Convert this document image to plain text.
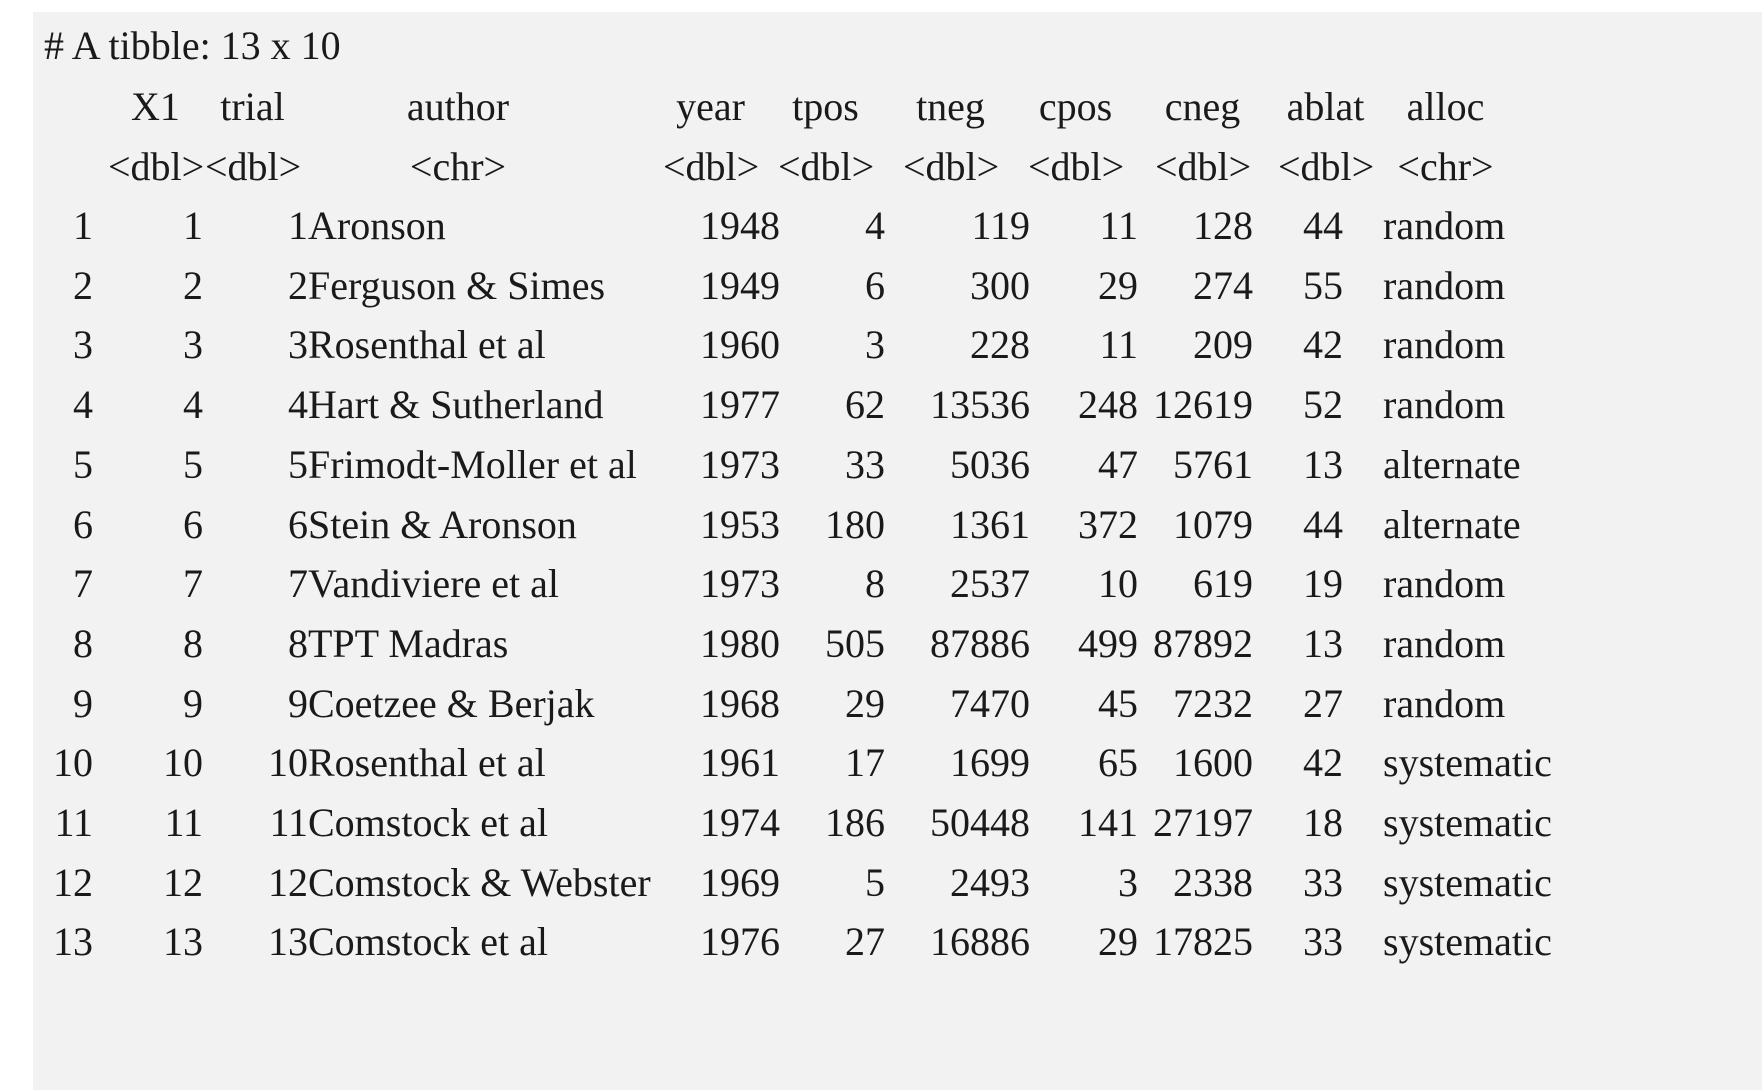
# A tibble: 13 x 10
X1	trial	author	year	tpos	tneg	cpos cneg ablat	alloc
<dbl> <dbl>	<chr>	<dbl> <dbl> <dbl> <dbl> <dbl> <dbl> <chr>
1	1	1 Aronson	1948	4	119	11	128	44 random
2	2	2 Ferguson & Simes	1949	6	300	29	274	55 random
3	3	3 Rosenthal et al	1960	3	228	11	209	42 random
4	4	4 Hart & Sutherland	1977	62	13536	248 12619	52 random
5	5	5 Frimodt-Moller et al	1973	33	5036	47 5761	13 alternate
6	6	6 Stein & Aronson	1953	180	1361	372 1079	44 alternate
7	7	7 Vandiviere et al	1973	8	2537	10	619	19 random
8	8	8 TPT Madras	1980	505	87886	499 87892	13 random
9	9	9 Coetzee & Berjak	1968	29	7470	45 7232	27 random
10	10	10 Rosenthal et al	1961	17	1699	65 1600	42 systematic
11	11	11 Comstock et al	1974	186	50448	141 27197	18 systematic
12	12	12 Comstock & Webster	1969	5	2493	3 2338	33 systematic
13	13	13 Comstock et al	1976	27	16886	29 17825	33 systematic
